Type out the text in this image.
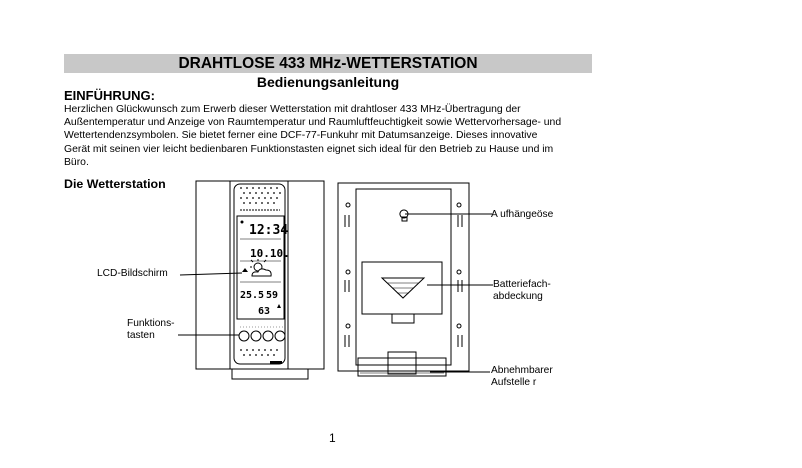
DRAHTLOSE 433 MHz-WETTERSTATION
Bedienungsanleitung
EINFÜHRUNG:
Herzlichen Glückwunsch zum Erwerb dieser Wetterstation mit drahtloser 433 MHz-Übertragung der
Außentemperatur und Anzeige von Raumtemperatur und Raumluftfeuchtigkeit sowie Wettervorhersage- und
Wettertendenzsymbolen. Sie bietet ferner eine DCF-77-Funkuhr mit Datumsanzeige. Dieses innovative
Gerät mit seinen vier leicht bedienbaren Funktionstasten eignet sich ideal für den Betrieb zu Hause und im
Büro.
Die Wetterstation
12:34
10.10.
25.5 59
63
LCD-Bildschirm
Funktions-
tasten
A ufhängeöse
Batteriefach-
abdeckung
Abnehmbarer
Aufstelle r
1
